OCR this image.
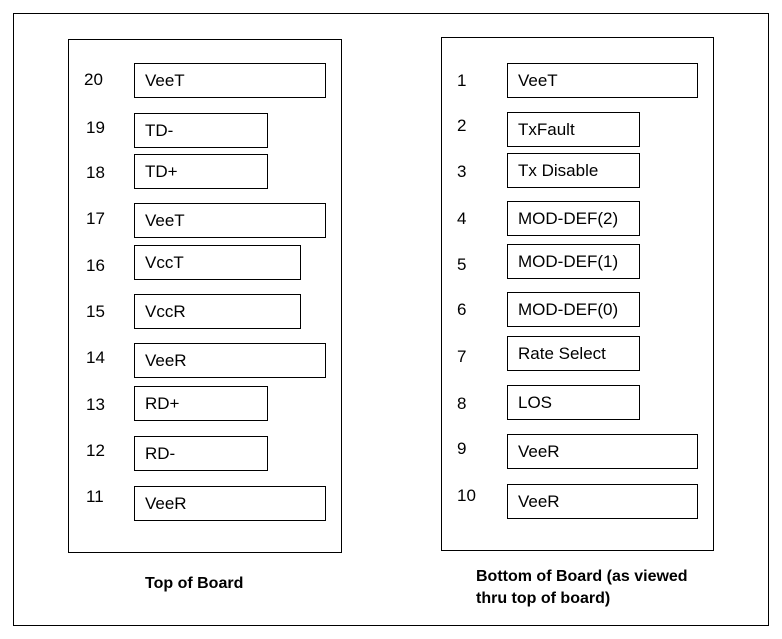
20	VeeT
19	TD-
18	TD+
17	VeeT
16	VccT
15	VccR
14	VeeR
13	RD+
12	RD-
11	VeeR
1	VeeT
2	TxFault
3	Tx Disable
4	MOD-DEF(2)
5	MOD-DEF(1)
6	MOD-DEF(0)
7	Rate Select
8	LOS
9	VeeR
10	VeeR
Top of Board	Bottom of Board (as viewed
thru top of board)
